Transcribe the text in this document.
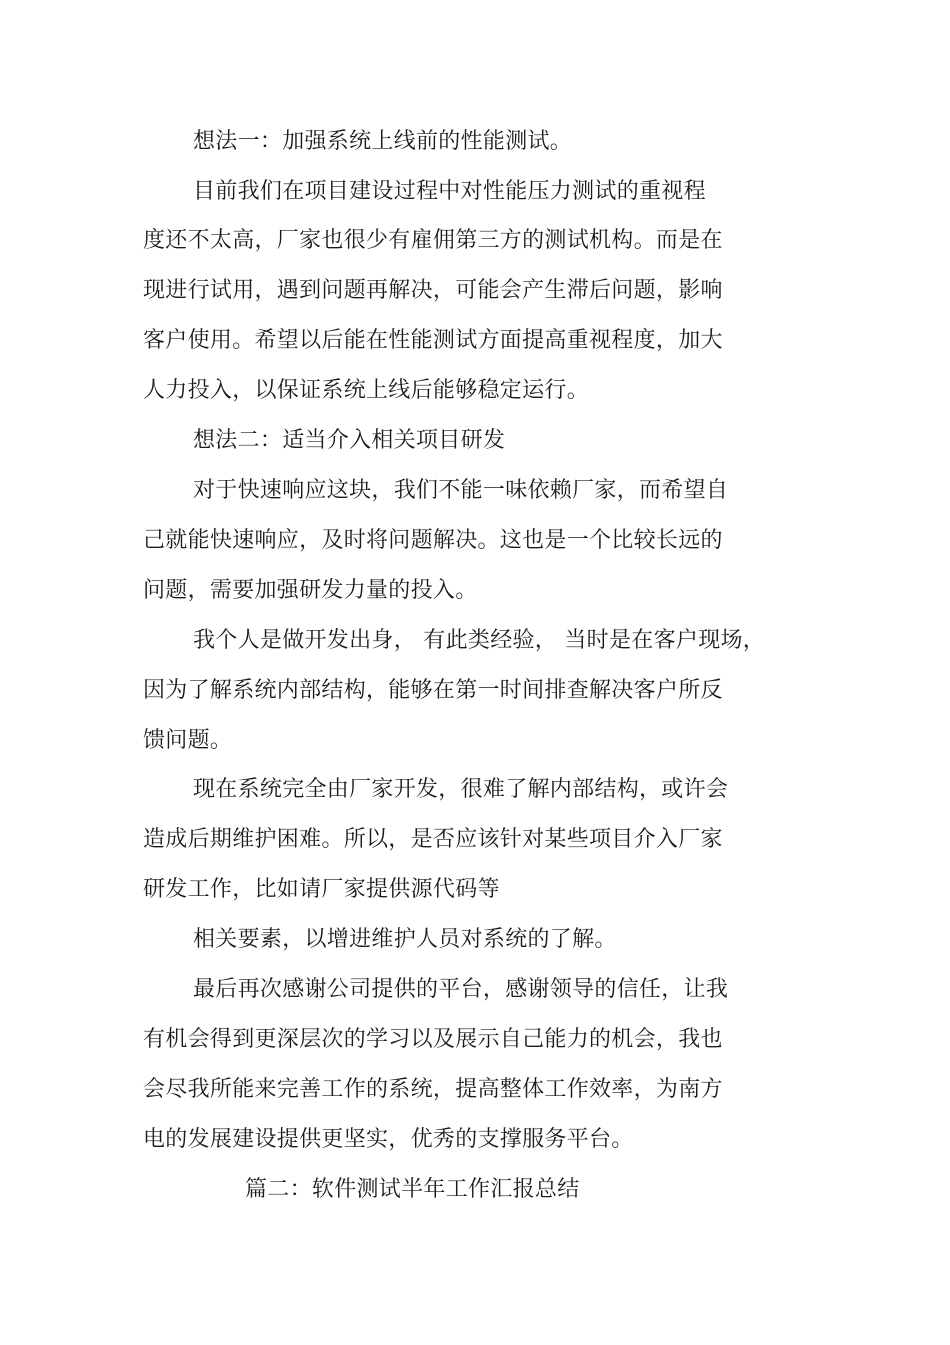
想法一：加强系统上线前的性能测试。
目前我们在项目建设过程中对性能压力测试的重视程
度还不太高，厂家也很少有雇佣第三方的测试机构。而是在
现进行试用，遇到问题再解决，可能会产生滞后问题，影响
客户使用。希望以后能在性能测试方面提高重视程度，加大
人力投入，以保证系统上线后能够稳定运行。
想法二：适当介入相关项目研发
对于快速响应这块，我们不能一味依赖厂家，而希望自
己就能快速响应，及时将问题解决。这也是一个比较长远的
问题，需要加强研发力量的投入。
我个人是做开发出身， 有此类经验， 当时是在客户现场，
因为了解系统内部结构，能够在第一时间排查解决客户所反
馈问题。
现在系统完全由厂家开发，很难了解内部结构，或许会
造成后期维护困难。所以，是否应该针对某些项目介入厂家
研发工作，比如请厂家提供源代码等
相关要素，以增进维护人员对系统的了解。
最后再次感谢公司提供的平台，感谢领导的信任，让我
有机会得到更深层次的学习以及展示自己能力的机会，我也
会尽我所能来完善工作的系统，提高整体工作效率，为南方
电的发展建设提供更坚实，优秀的支撑服务平台。
篇二：软件测试半年工作汇报总结
